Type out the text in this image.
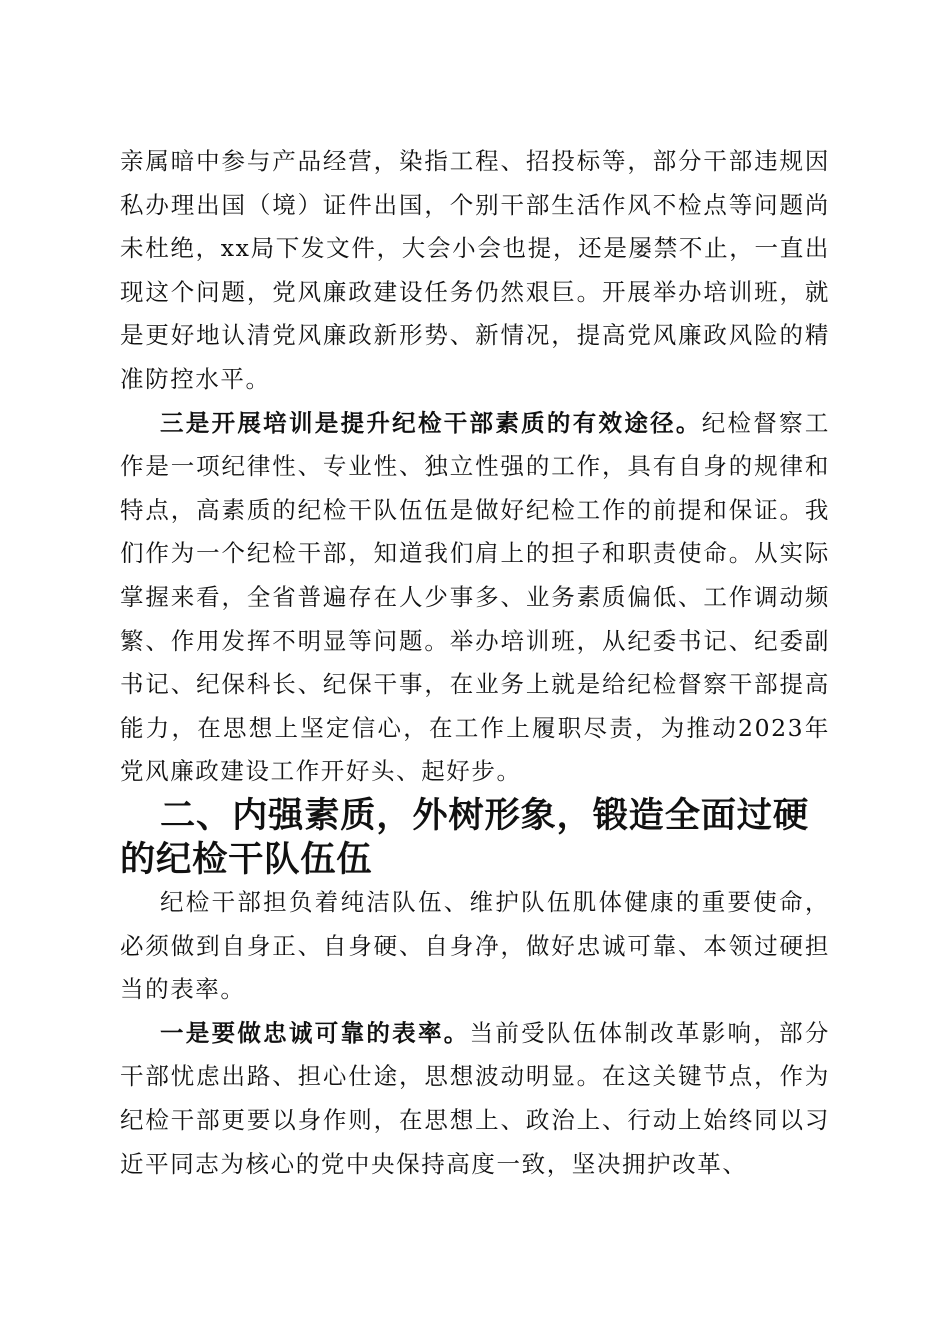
亲属暗中参与产品经营，染指工程、招投标等，部分干部违规因私办理出国（境）证件出国，个别干部生活作风不检点等问题尚未杜绝，xx局下发文件，大会小会也提，还是屡禁不止，一直出现这个问题，党风廉政建设任务仍然艰巨。开展举办培训班，就是更好地认清党风廉政新形势、新情况，提高党风廉政风险的精准防控水平。

三是开展培训是提升纪检干部素质的有效途径。纪检督察工作是一项纪律性、专业性、独立性强的工作，具有自身的规律和特点，高素质的纪检干队伍伍是做好纪检工作的前提和保证。我们作为一个纪检干部，知道我们肩上的担子和职责使命。从实际掌握来看，全省普遍存在人少事多、业务素质偏低、工作调动频繁、作用发挥不明显等问题。举办培训班，从纪委书记、纪委副书记、纪保科长、纪保干事，在业务上就是给纪检督察干部提高能力，在思想上坚定信心，在工作上履职尽责，为推动2023年党风廉政建设工作开好头、起好步。

二、内强素质，外树形象，锻造全面过硬的纪检干队伍伍

纪检干部担负着纯洁队伍、维护队伍肌体健康的重要使命，必须做到自身正、自身硬、自身净，做好忠诚可靠、本领过硬担当的表率。

一是要做忠诚可靠的表率。当前受队伍体制改革影响，部分干部忧虑出路、担心仕途，思想波动明显。在这关键节点，作为纪检干部更要以身作则，在思想上、政治上、行动上始终同以习近平同志为核心的党中央保持高度一致，坚决拥护改革、
